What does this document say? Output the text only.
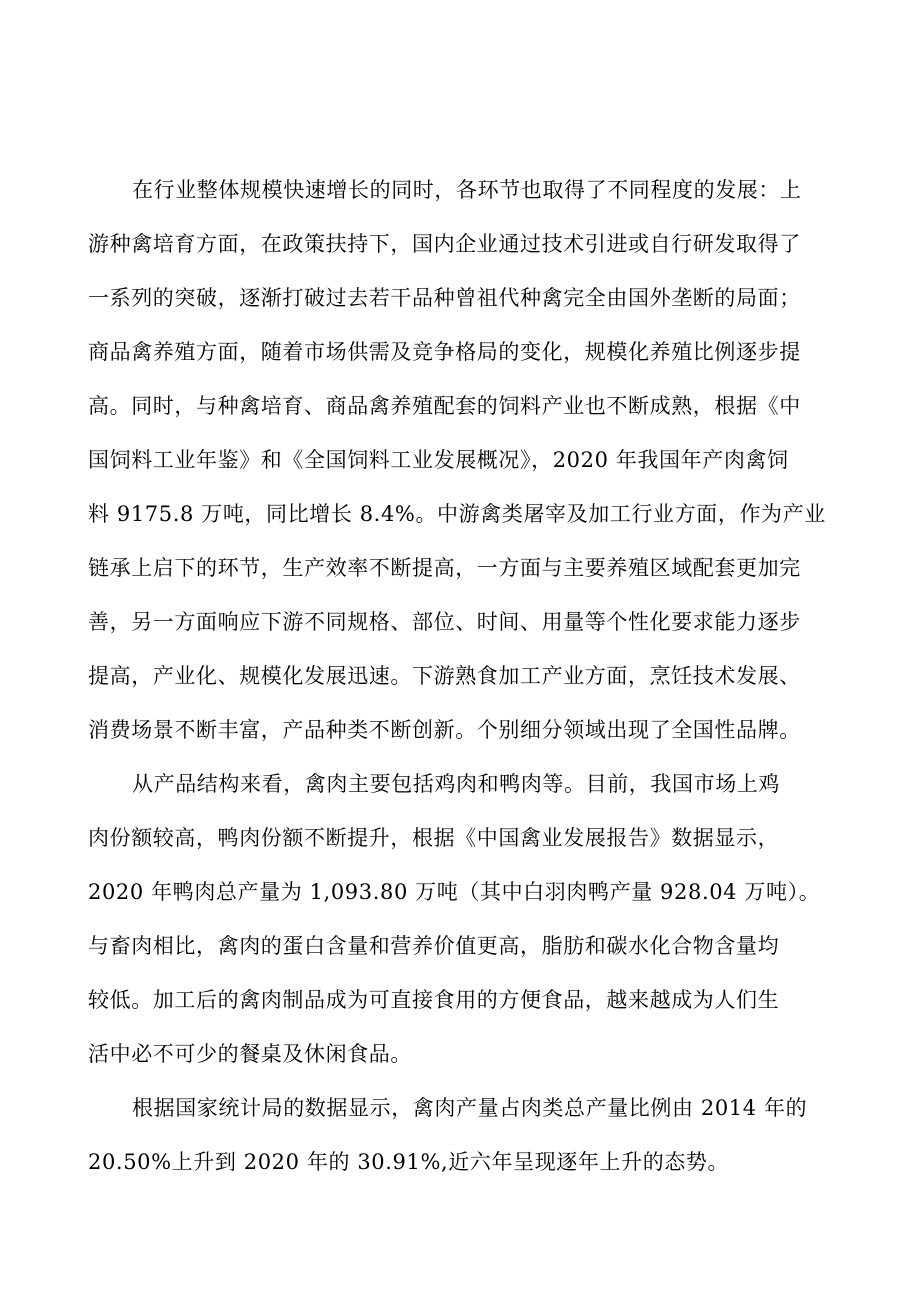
在行业整体规模快速增长的同时，各环节也取得了不同程度的发展：上
游种禽培育方面，在政策扶持下，国内企业通过技术引进或自行研发取得了
一系列的突破，逐渐打破过去若干品种曾祖代种禽完全由国外垄断的局面；
商品禽养殖方面，随着市场供需及竞争格局的变化，规模化养殖比例逐步提
高。同时，与种禽培育、商品禽养殖配套的饲料产业也不断成熟，根据《中
国饲料工业年鉴》和《全国饲料工业发展概况》，2020 年我国年产肉禽饲
料 9175.8 万吨，同比增长 8.4%。中游禽类屠宰及加工行业方面，作为产业
链承上启下的环节，生产效率不断提高，一方面与主要养殖区域配套更加完
善，另一方面响应下游不同规格、部位、时间、用量等个性化要求能力逐步
提高，产业化、规模化发展迅速。下游熟食加工产业方面，烹饪技术发展、
消费场景不断丰富，产品种类不断创新。个别细分领域出现了全国性品牌。
从产品结构来看，禽肉主要包括鸡肉和鸭肉等。目前，我国市场上鸡
肉份额较高，鸭肉份额不断提升，根据《中国禽业发展报告》数据显示，
2020 年鸭肉总产量为 1,093.80 万吨（其中白羽肉鸭产量 928.04 万吨）。
与畜肉相比，禽肉的蛋白含量和营养价值更高，脂肪和碳水化合物含量均
较低。加工后的禽肉制品成为可直接食用的方便食品，越来越成为人们生
活中必不可少的餐桌及休闲食品。
根据国家统计局的数据显示，禽肉产量占肉类总产量比例由 2014 年的
20.50%上升到 2020 年的 30.91%,近六年呈现逐年上升的态势。
